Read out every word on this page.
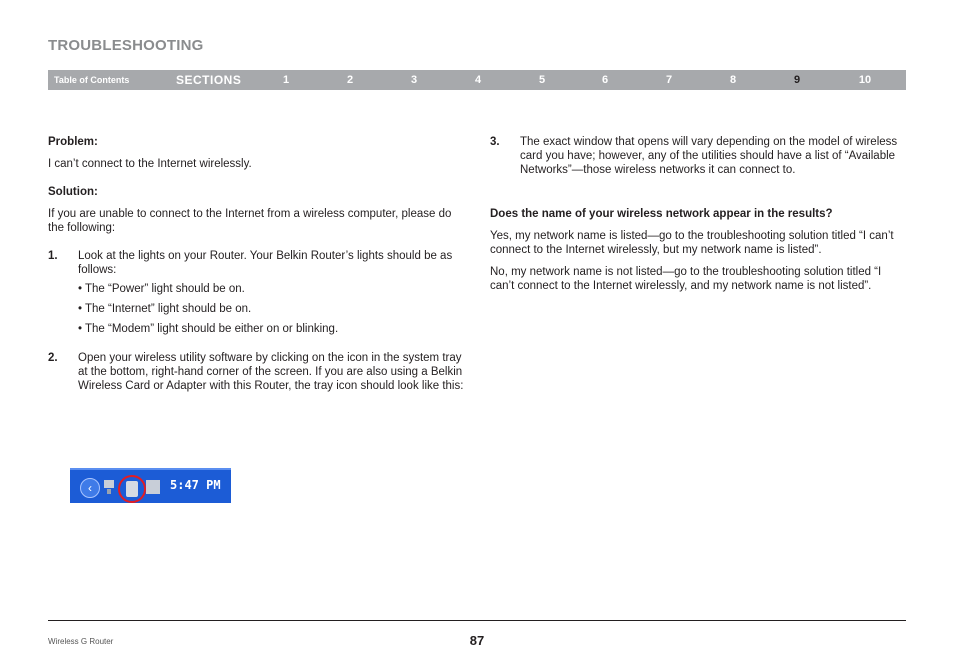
TROUBLESHOOTING
Table of Contents	SECTIONS	1	2	3	4	5	6	7	8	9	10

Problem:

I can’t connect to the Internet wirelessly.

Solution:

If you are unable to connect to the Internet from a wireless computer, please do the following:

1. Look at the lights on your Router. Your Belkin Router’s lights should be as follows:

• The “Power” light should be on.

• The “Internet” light should be on.

• The “Modem” light should be either on or blinking.

2. Open your wireless utility software by clicking on the icon in the system tray at the bottom, right-hand corner of the screen. If you are also using a Belkin Wireless Card or Adapter with this Router, the tray icon should look like this:

‹	5:47 PM
3. The exact window that opens will vary depending on the model of wireless card you have; however, any of the utilities should have a list of “Available Networks”—those wireless networks it can connect to.

Does the name of your wireless network appear in the results?

Yes, my network name is listed—go to the troubleshooting solution titled “I can’t connect to the Internet wirelessly, but my network name is listed”.

No, my network name is not listed—go to the troubleshooting solution titled “I can’t connect to the Internet wirelessly, and my network name is not listed”.

Wireless G Router	87
